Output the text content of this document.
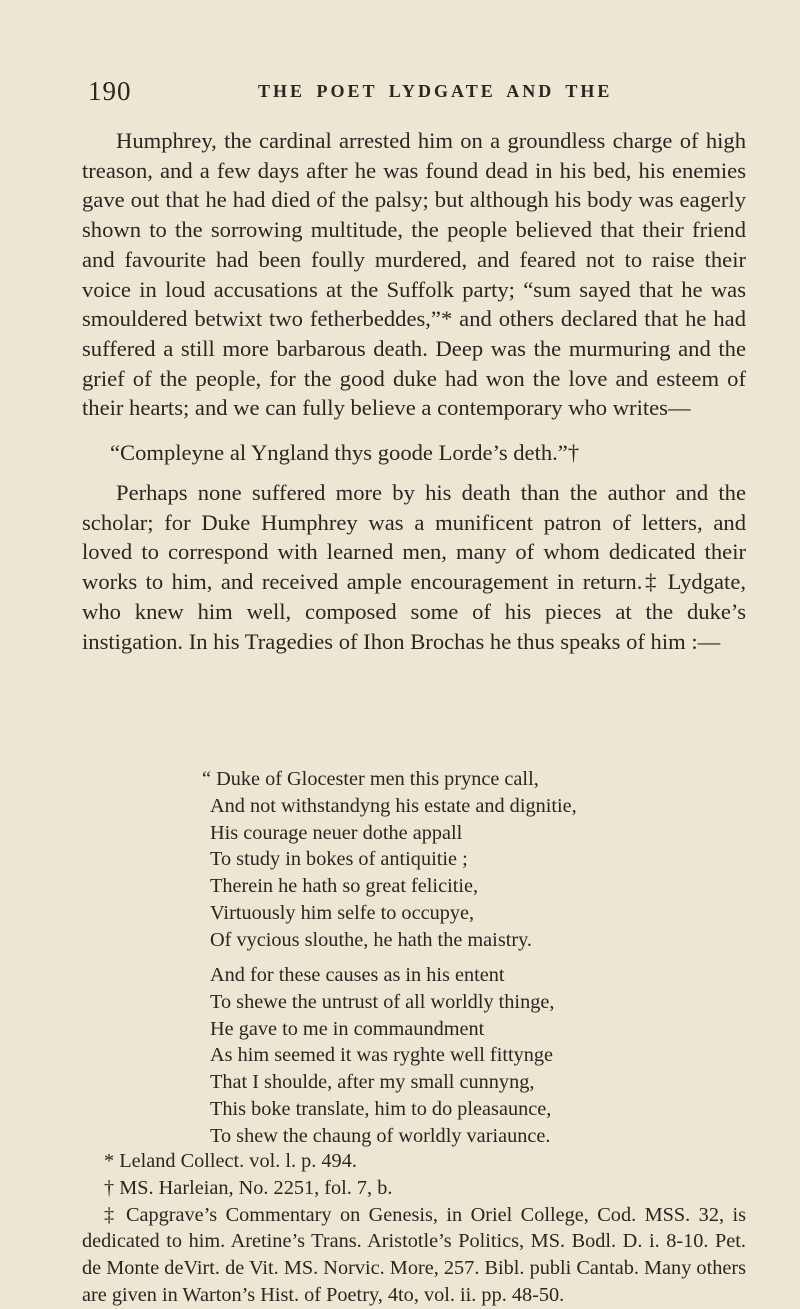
190	THE POET LYDGATE AND THE

Humphrey, the cardinal arrested him on a groundless charge of high treason, and a few days after he was found dead in his bed, his enemies gave out that he had died of the palsy; but although his body was eagerly shown to the sorrowing multitude, the people believed that their friend and favourite had been foully murdered, and feared not to raise their voice in loud accusations at the Suffolk party; “sum sayed that he was smouldered betwixt two fetherbeddes,”* and others declared that he had suffered a still more barbarous death. Deep was the murmuring and the grief of the people, for the good duke had won the love and esteem of their hearts; and we can fully believe a contemporary who writes—

“Compleyne al Yngland thys goode Lorde’s deth.”†

Perhaps none suffered more by his death than the author and the scholar; for Duke Humphrey was a munificent patron of letters, and loved to correspond with learned men, many of whom dedicated their works to him, and received ample encouragement in return.‡ Lydgate, who knew him well, composed some of his pieces at the duke’s instigation. In his Tragedies of Ihon Brochas he thus speaks of him :—

“ Duke of Glocester men this prynce call,
And not withstandyng his estate and dignitie,
His courage neuer dothe appall
To study in bokes of antiquitie ;
Therein he hath so great felicitie,
Virtuously him selfe to occupye,
Of vycious slouthe, he hath the maistry.
And for these causes as in his entent
To shewe the untrust of all worldly thinge,
He gave to me in commaundment
As him seemed it was ryghte well fittynge
That I shoulde, after my small cunnyng,
This boke translate, him to do pleasaunce,
To shew the chaung of worldly variaunce.
* Leland Collect. vol. l. p. 494.
† MS. Harleian, No. 2251, fol. 7, b.
‡ Capgrave’s Commentary on Genesis, in Oriel College, Cod. MSS. 32, is dedicated to him. Aretine’s Trans. Aristotle’s Politics, MS. Bodl. D. i. 8-10. Pet. de Monte deVirt. de Vit. MS. Norvic. More, 257. Bibl. publi Cantab. Many others are given in Warton’s Hist. of Poetry, 4to, vol. ii. pp. 48-50.
